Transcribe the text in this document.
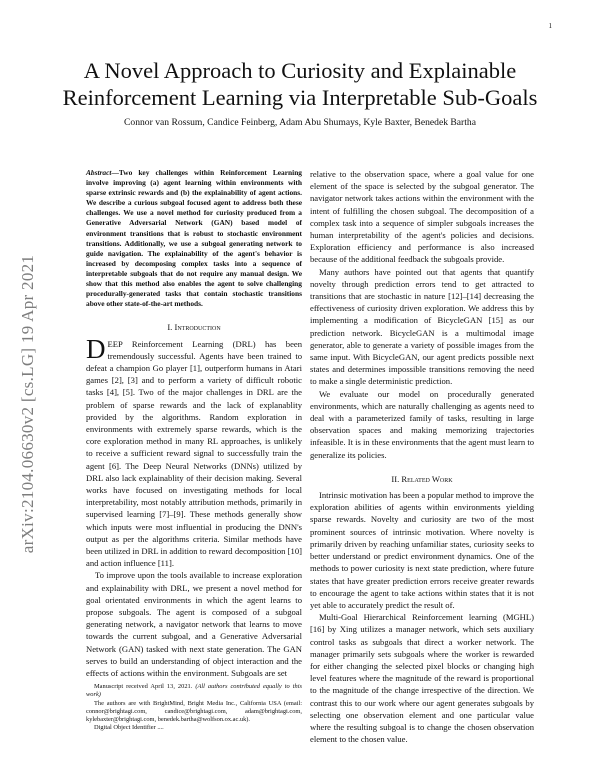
1
arXiv:2104.06630v2 [cs.LG] 19 Apr 2021
A Novel Approach to Curiosity and Explainable Reinforcement Learning via Interpretable Sub-Goals
Connor van Rossum, Candice Feinberg, Adam Abu Shumays, Kyle Baxter, Benedek Bartha
Abstract—Two key challenges within Reinforcement Learning involve improving (a) agent learning within environments with sparse extrinsic rewards and (b) the explainability of agent actions. We describe a curious subgoal focused agent to address both these challenges. We use a novel method for curiosity produced from a Generative Adversarial Network (GAN) based model of environment transitions that is robust to stochastic environment transitions. Additionally, we use a subgoal generating network to guide navigation. The explainability of the agent's behavior is increased by decomposing complex tasks into a sequence of interpretable subgoals that do not require any manual design. We show that this method also enables the agent to solve challenging procedurally-generated tasks that contain stochastic transitions above other state-of-the-art methods.
I. Introduction

DEEP Reinforcement Learning (DRL) has been tremendously successful. Agents have been trained to defeat a champion Go player [1], outperform humans in Atari games [2], [3] and to perform a variety of difficult robotic tasks [4], [5]. Two of the major challenges in DRL are the problem of sparse rewards and the lack of explanablity provided by the algorithms. Random exploration in environments with extremely sparse rewards, which is the core exploration method in many RL approaches, is unlikely to receive a sufficient reward signal to successfully train the agent [6]. The Deep Neural Networks (DNNs) utilized by DRL also lack explainablity of their decision making. Several works have focused on investigating methods for local interpretability, most notably attribution methods, primarily in supervised learning [7]–[9]. These methods generally show which inputs were most influential in producing the DNN's output as per the algorithms criteria. Similar methods have been utilized in DRL in addition to reward decomposition [10] and action influence [11].

To improve upon the tools available to increase exploration and explainability with DRL, we present a novel method for goal orientated environments in which the agent learns to propose subgoals. The agent is composed of a subgoal generating network, a navigator network that learns to move towards the current subgoal, and a Generative Adversarial Network (GAN) tasked with next state generation. The GAN serves to build an understanding of object interaction and the effects of actions within the environment. Subgoals are set

Manuscript received April 13, 2021. (All authors contributed equally to this work)

The authors are with BrightMind, Bright Media Inc., California USA (email: connor@brightagi.com, candice@brightagi.com, adam@brightagi.com, kylebaxter@brightagi.com, benedek.bartha@wolfson.ox.ac.uk).

Digital Object Identifier ....

relative to the observation space, where a goal value for one element of the space is selected by the subgoal generator. The navigator network takes actions within the environment with the intent of fulfilling the chosen subgoal. The decomposition of a complex task into a sequence of simpler subgoals increases the human interpretability of the agent's policies and decisions. Exploration efficiency and performance is also increased because of the additional feedback the subgoals provide.

Many authors have pointed out that agents that quantify novelty through prediction errors tend to get attracted to transitions that are stochastic in nature [12]–[14] decreasing the effectiveness of curiosity driven exploration. We address this by implementing a modification of BicycleGAN [15] as our prediction network. BicycleGAN is a multimodal image generator, able to generate a variety of possible images from the same input. With BicycleGAN, our agent predicts possible next states and determines impossible transitions removing the need to make a single deterministic prediction.

We evaluate our model on procedurally generated environments, which are naturally challenging as agents need to deal with a parameterized family of tasks, resulting in large observation spaces and making memorizing trajectories infeasible. It is in these environments that the agent must learn to generalize its policies.

II. Related Work

Intrinsic motivation has been a popular method to improve the exploration abilities of agents within environments yielding sparse rewards. Novelty and curiosity are two of the most prominent sources of intrinsic motivation. Where novelty is primarily driven by reaching unfamiliar states, curiosity seeks to better understand or predict environment dynamics. One of the methods to power curiosity is next state prediction, where future states that have greater prediction errors receive greater rewards to encourage the agent to take actions within states that it is not yet able to accurately predict the result of.

Multi-Goal Hierarchical Reinforcement learning (MGHL) [16] by Xing utilizes a manager network, which sets auxiliary control tasks as subgoals that direct a worker network. The manager primarily sets subgoals where the worker is rewarded for either changing the selected pixel blocks or changing high level features where the magnitude of the reward is proportional to the magnitude of the change irrespective of the direction. We contrast this to our work where our agent generates subgoals by selecting one observation element and one particular value where the resulting subgoal is to change the chosen observation element to the chosen value.
